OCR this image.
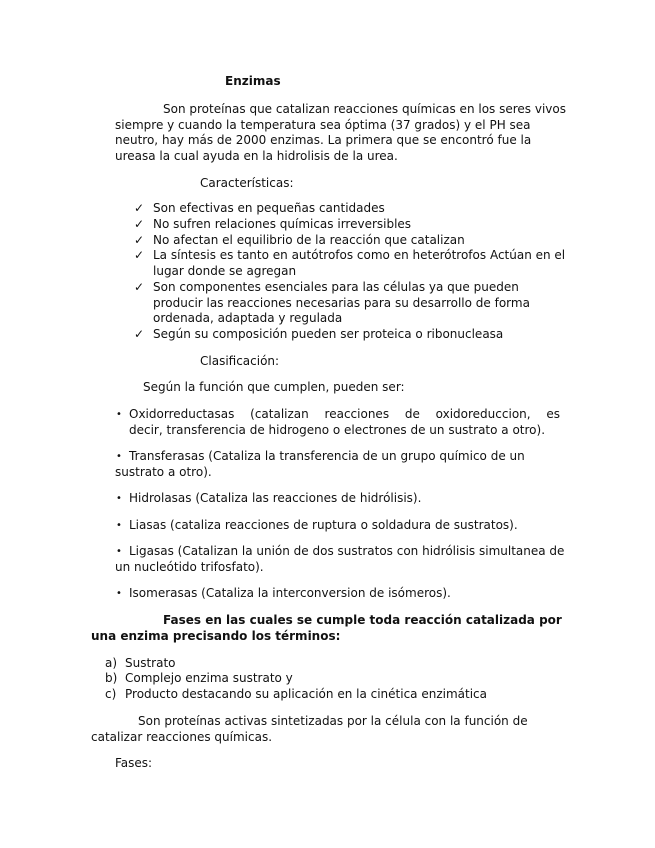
Enzimas
Son proteínas que catalizan reacciones químicas en los seres vivos
siempre y cuando la temperatura sea óptima (37 grados) y el PH sea
neutro, hay más de 2000 enzimas. La primera que se encontró fue la
ureasa la cual ayuda en la hidrolisis de la urea.
Características:
✓ Son efectivas en pequeñas cantidades
✓ No sufren relaciones químicas irreversibles
✓ No afectan el equilibrio de la reacción que catalizan
✓ La síntesis es tanto en autótrofos como en heterótrofos Actúan en el
lugar donde se agregan
✓ Son componentes esenciales para las células ya que pueden
producir las reacciones necesarias para su desarrollo de forma
ordenada, adaptada y regulada
✓ Según su composición pueden ser proteica o ribonucleasa
Clasificación:
Según la función que cumplen, pueden ser:
• Oxidorreductasas (catalizan reacciones de oxidoreduccion, es
decir, transferencia de hidrogeno o electrones de un sustrato a otro).
• Transferasas (Cataliza la transferencia de un grupo químico de un
sustrato a otro).
• Hidrolasas (Cataliza las reacciones de hidrólisis).
• Liasas (cataliza reacciones de ruptura o soldadura de sustratos).
• Ligasas (Catalizan la unión de dos sustratos con hidrólisis simultanea de
un nucleótido trifosfato).
• Isomerasas (Cataliza la interconversion de isómeros).
Fases en las cuales se cumple toda reacción catalizada por
una enzima precisando los términos:
a) Sustrato
b) Complejo enzima sustrato y
c) Producto destacando su aplicación en la cinética enzimática
Son proteínas activas sintetizadas por la célula con la función de
catalizar reacciones químicas.
Fases:
